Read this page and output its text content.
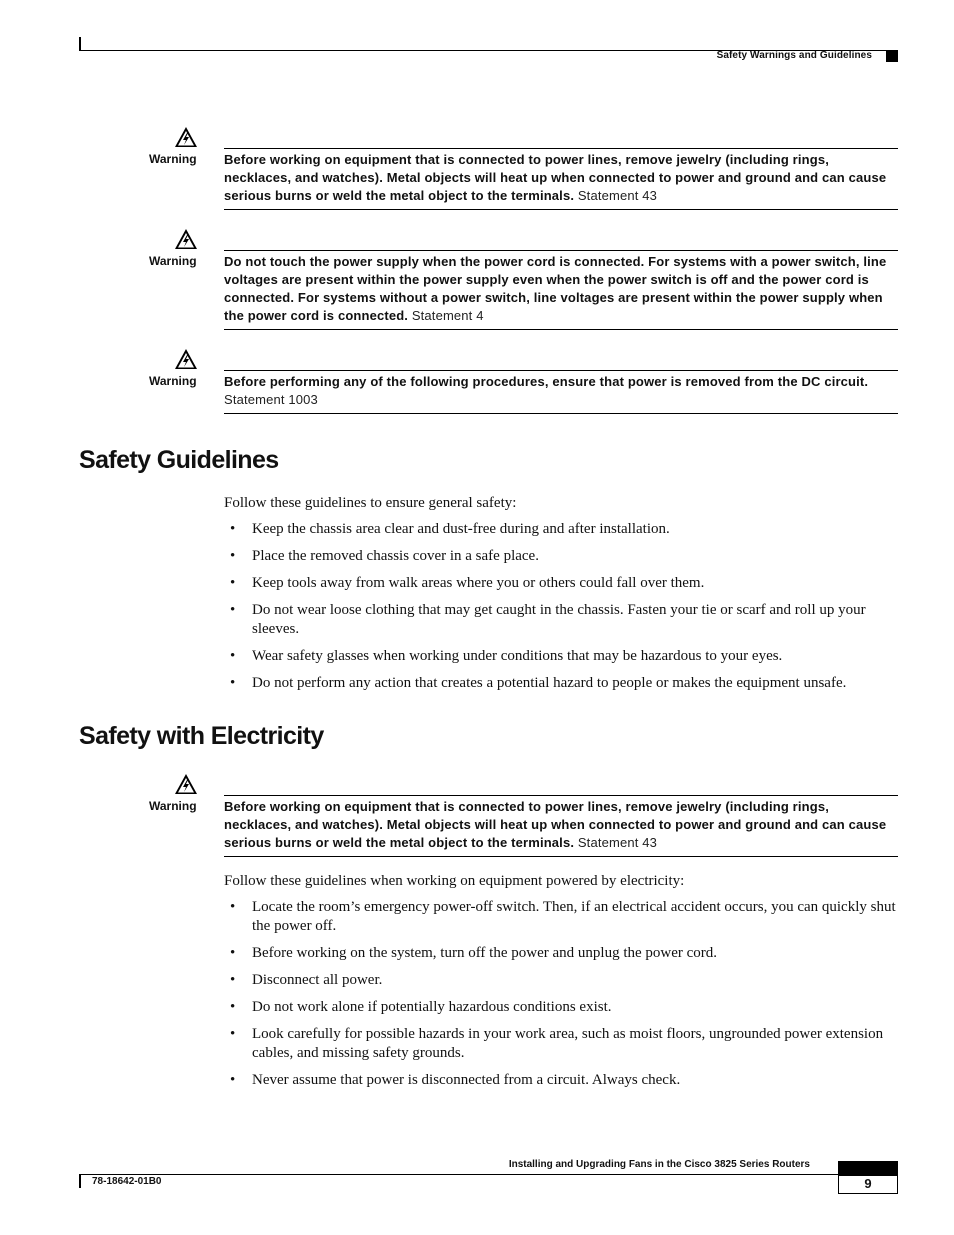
Safety Warnings and Guidelines
Warning Before working on equipment that is connected to power lines, remove jewelry (including rings, necklaces, and watches). Metal objects will heat up when connected to power and ground and can cause serious burns or weld the metal object to the terminals. Statement 43
Warning Do not touch the power supply when the power cord is connected. For systems with a power switch, line voltages are present within the power supply even when the power switch is off and the power cord is connected. For systems without a power switch, line voltages are present within the power supply when the power cord is connected. Statement 4
Warning Before performing any of the following procedures, ensure that power is removed from the DC circuit.
Statement 1003
Safety Guidelines
Follow these guidelines to ensure general safety:
• Keep the chassis area clear and dust-free during and after installation.
• Place the removed chassis cover in a safe place.
• Keep tools away from walk areas where you or others could fall over them.
• Do not wear loose clothing that may get caught in the chassis. Fasten your tie or scarf and roll up your sleeves.
• Wear safety glasses when working under conditions that may be hazardous to your eyes.
• Do not perform any action that creates a potential hazard to people or makes the equipment unsafe.
Safety with Electricity
Warning Before working on equipment that is connected to power lines, remove jewelry (including rings, necklaces, and watches). Metal objects will heat up when connected to power and ground and can cause serious burns or weld the metal object to the terminals. Statement 43
Follow these guidelines when working on equipment powered by electricity:
• Locate the room’s emergency power-off switch. Then, if an electrical accident occurs, you can quickly shut the power off.
• Before working on the system, turn off the power and unplug the power cord.
• Disconnect all power.
• Do not work alone if potentially hazardous conditions exist.
• Look carefully for possible hazards in your work area, such as moist floors, ungrounded power extension cables, and missing safety grounds.
• Never assume that power is disconnected from a circuit. Always check.
Installing and Upgrading Fans in the Cisco 3825 Series Routers
78-18642-01B0	9
